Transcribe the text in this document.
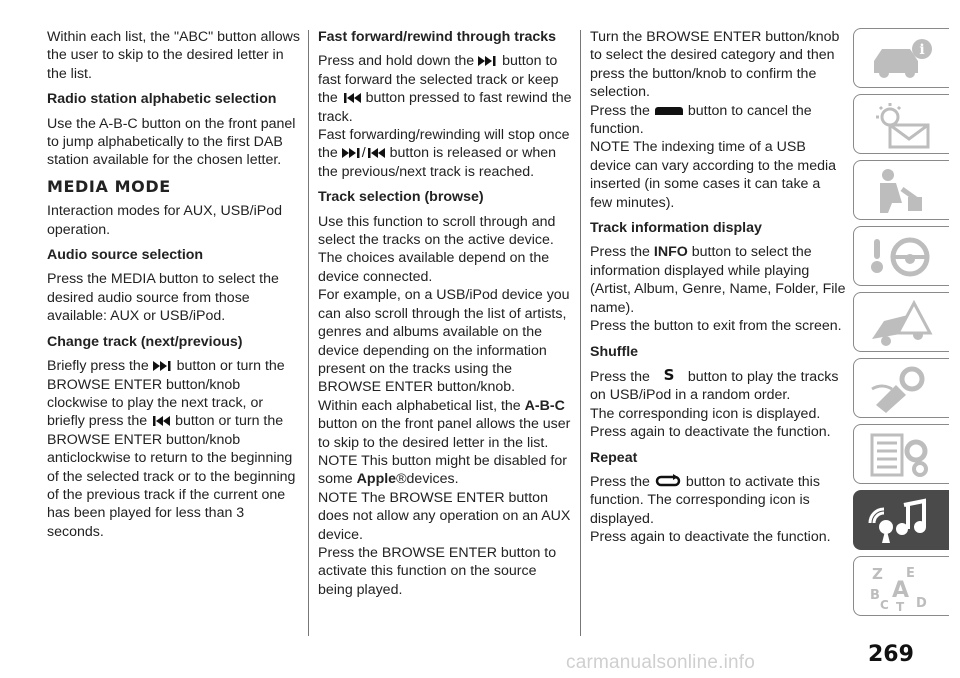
Within each list, the "ABC" button allows the user to skip to the desired letter in the list.

Radio station alphabetic selection

Use the A-B-C button on the front panel to jump alphabetically to the first DAB station available for the chosen letter.

MEDIA MODE

Interaction modes for AUX, USB/iPod operation.

Audio source selection

Press the MEDIA button to select the desired audio source from those available: AUX or USB/iPod.

Change track (next/previous)

Briefly press the button or turn the BROWSE ENTER button/knob clockwise to play the next track, or briefly press the button or turn the BROWSE ENTER button/knob anticlockwise to return to the beginning of the selected track or to the beginning of the previous track if the current one has been played for less than 3 seconds.

Fast forward/rewind through tracks

Press and hold down the button to fast forward the selected track or keep the button pressed to fast rewind the track.
Fast forwarding/rewinding will stop once the / button is released or when the previous/next track is reached.

Track selection (browse)

Use this function to scroll through and select the tracks on the active device. The choices available depend on the device connected.

For example, on a USB/iPod device you can also scroll through the list of artists, genres and albums available on the device depending on the information present on the tracks using the BROWSE ENTER button/knob.

Within each alphabetical list, the A-B-C button on the front panel allows the user to skip to the desired letter in the list.

NOTE This button might be disabled for some Apple®devices.

NOTE The BROWSE ENTER button does not allow any operation on an AUX device.

Press the BROWSE ENTER button to activate this function on the source being played.

Turn the BROWSE ENTER button/knob to select the desired category and then press the button/knob to confirm the selection.

Press the	button to cancel the function.

NOTE The indexing time of a USB device can vary according to the media inserted (in some cases it can take a few minutes).

Track information display

Press the INFO button to select the information displayed while playing (Artist, Album, Genre, Name, Folder, File name).

Press the button to exit from the screen.

Shuffle

Press the S button to play the tracks on USB/iPod in a random order.

The corresponding icon is displayed.

Press again to deactivate the function.

Repeat

Press the	button to activate this function. The corresponding icon is displayed.

Press again to deactivate the function.

i
Z E
A
B
C T D
269
carmanualsonline.info
